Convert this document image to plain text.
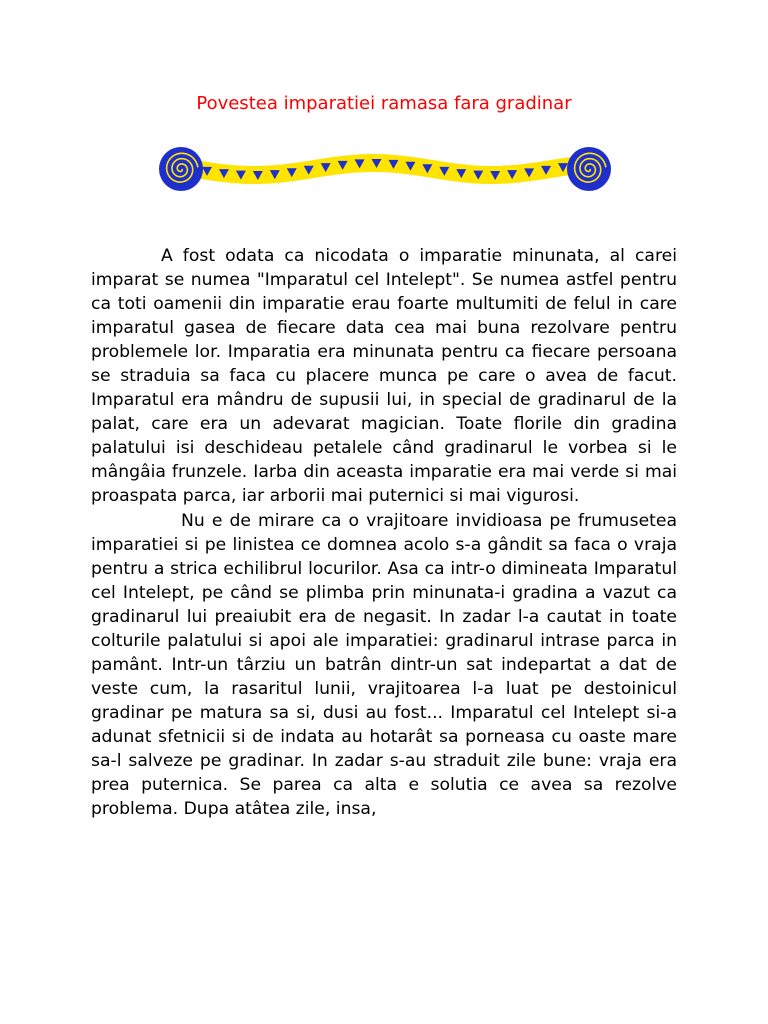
Povestea imparatiei ramasa fara gradinar

A fost odata ca nicodata o imparatie minunata, al carei imparat se numea "Imparatul cel Intelept". Se numea astfel pentru ca toti oamenii din imparatie erau foarte multumiti de felul in care imparatul gasea de fiecare data cea mai buna rezolvare pentru problemele lor. Imparatia era minunata pentru ca fiecare persoana se straduia sa faca cu placere munca pe care o avea de facut. Imparatul era mândru de supusii lui, in special de gradinarul de la palat, care era un adevarat magician. Toate florile din gradina palatului isi deschideau petalele când gradinarul le vorbea si le mângâia frunzele. Iarba din aceasta imparatie era mai verde si mai proaspata parca, iar arborii mai puternici si mai vigurosi.

Nu e de mirare ca o vrajitoare invidioasa pe frumusetea imparatiei si pe linistea ce domnea acolo s-a gândit sa faca o vraja pentru a strica echilibrul locurilor. Asa ca intr-o dimineata Imparatul cel Intelept, pe când se plimba prin minunata-i gradina a vazut ca gradinarul lui preaiubit era de negasit. In zadar l-a cautat in toate colturile palatului si apoi ale imparatiei: gradinarul intrase parca in pamânt. Intr-un târziu un batrân dintr-un sat indepartat a dat de veste cum, la rasaritul lunii, vrajitoarea l-a luat pe destoinicul gradinar pe matura sa si, dusi au fost... Imparatul cel Intelept si-a adunat sfetnicii si de indata au hotarât sa porneasa cu oaste mare sa-l salveze pe gradinar. In zadar s-au straduit zile bune: vraja era prea puternica. Se parea ca alta e solutia ce avea sa rezolve problema. Dupa atâtea zile, insa,
